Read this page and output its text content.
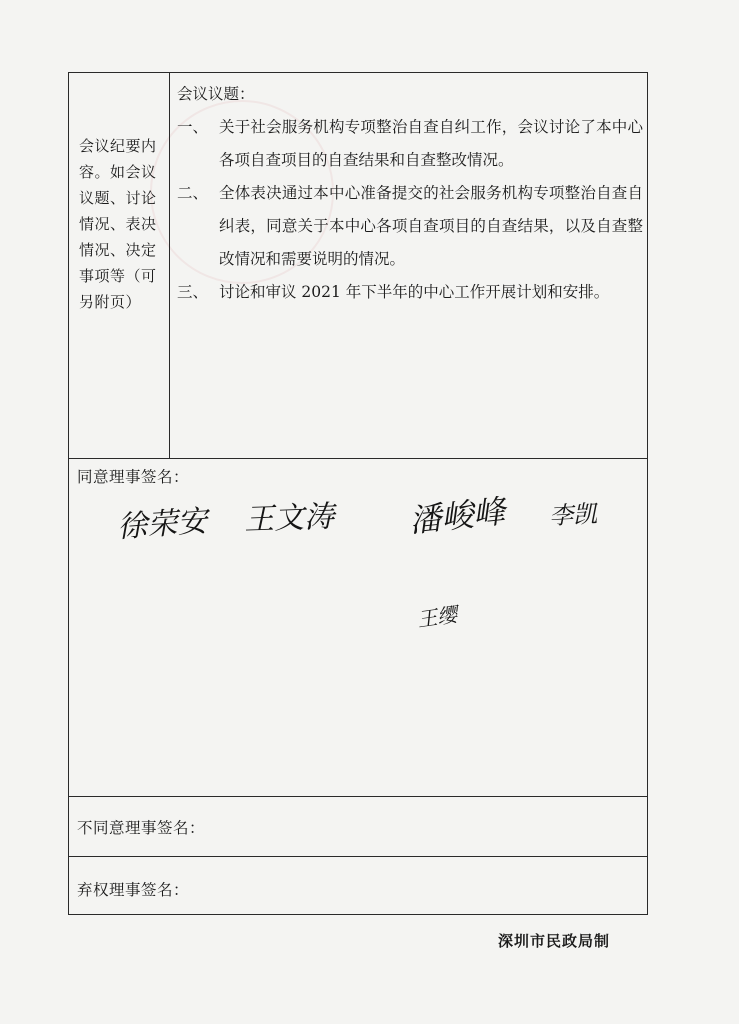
会议纪要内容。如会议议题、讨论情况、表决情况、决定事项等（可另附页）

会议议题：

一、 关于社会服务机构专项整治自查自纠工作，会议讨论了本中心各项自查项目的自查结果和自查整改情况。

二、 全体表决通过本中心准备提交的社会服务机构专项整治自查自纠表，同意关于本中心各项自查项目的自查结果，以及自查整改情况和需要说明的情况。

三、 讨论和审议 2021 年下半年的中心工作开展计划和安排。

同意理事签名：
徐荣安 王文涛 潘峻峰 李凯
王缨
不同意理事签名：
弃权理事签名：
深圳市民政局制
